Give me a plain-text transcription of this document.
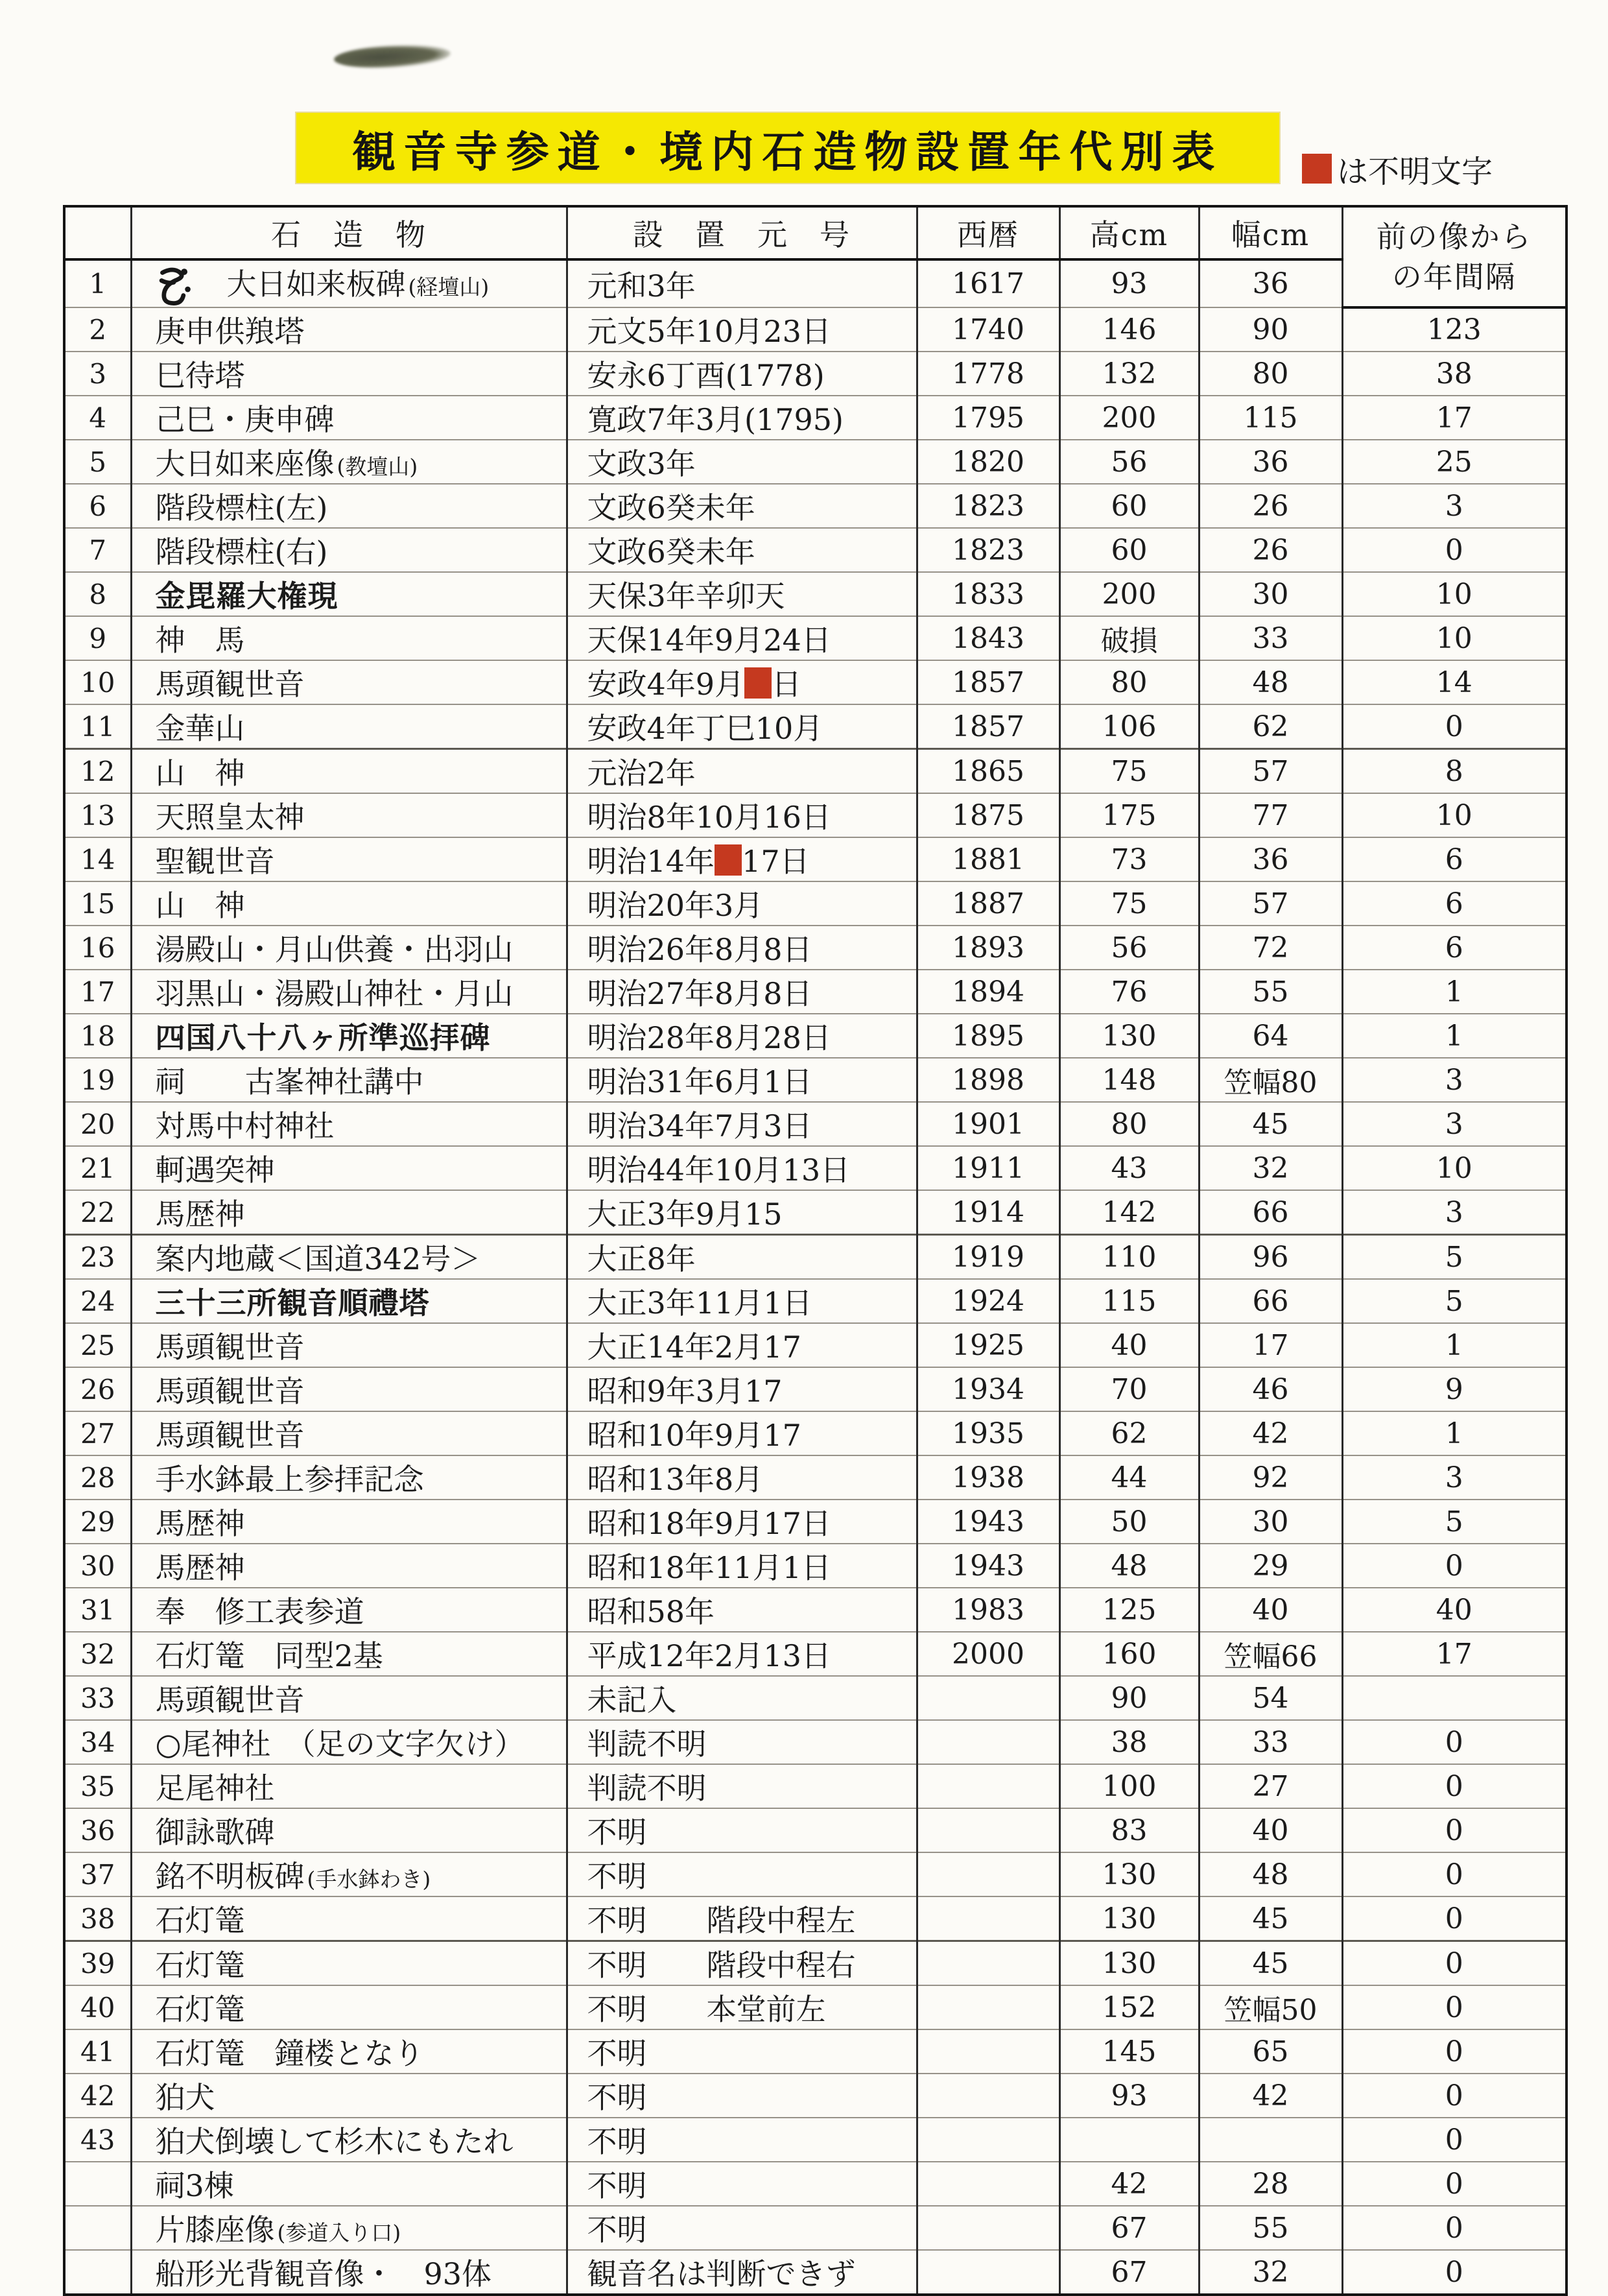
観音寺参道・境内石造物設置年代別表	は不明文字
	石　造　物	設　置　元　号	西暦	高cm	幅cm	前の像から
の年間隔

1	大日如来板碑 (経壇山)	元和3年	1617	93	36	
2	庚申供羪塔	元文5年10月23日	1740	146	90	123
3	巳待塔	安永6丁酉(1778)	1778	132	80	38
4	己巳・庚申碑	寛政7年3月(1795)	1795	200	115	17
5	大日如来座像 (教壇山)	文政3年	1820	56	36	25
6	階段標柱(左)	文政6癸未年	1823	60	26	3
7	階段標柱(右)	文政6癸未年	1823	60	26	0
8	金毘羅大権現	天保3年辛卯天	1833	200	30	10
9	神　馬	天保14年9月24日	1843	破損	33	10
10	馬頭観世音	安政4年9月 日	1857	80	48	14
11	金華山	安政4年丁巳10月	1857	106	62	0
12	山　神	元治2年	1865	75	57	8
13	天照皇太神	明治8年10月16日	1875	175	77	10
14	聖観世音	明治14年 17日	1881	73	36	6
15	山　神	明治20年3月	1887	75	57	6
16	湯殿山・月山供養・出羽山	明治26年8月8日	1893	56	72	6
17	羽黒山・湯殿山神社・月山	明治27年8月8日	1894	76	55	1
18	四国八十八ヶ所準巡拝碑	明治28年8月28日	1895	130	64	1
19	祠　　古峯神社講中	明治31年6月1日	1898	148	笠幅80	3
20	対馬中村神社	明治34年7月3日	1901	80	45	3
21	軻遇突神	明治44年10月13日	1911	43	32	10
22	馬歴神	大正3年9月15	1914	142	66	3
23	案内地蔵＜国道342号＞	大正8年	1919	110	96	5
24	三十三所観音順禮塔	大正3年11月1日	1924	115	66	5
25	馬頭観世音	大正14年2月17	1925	40	17	1
26	馬頭観世音	昭和9年3月17	1934	70	46	9
27	馬頭観世音	昭和10年9月17	1935	62	42	1
28	手水鉢最上参拝記念	昭和13年8月	1938	44	92	3
29	馬歴神	昭和18年9月17日	1943	50	30	5
30	馬歴神	昭和18年11月1日	1943	48	29	0
31	奉　修工表参道	昭和58年	1983	125	40	40
32	石灯篭　同型2基	平成12年2月13日	2000	160	笠幅66	17
33	馬頭観世音	未記入		90	54	
34	○尾神社　（足の文字欠け）	判読不明		38	33	0
35	足尾神社	判読不明		100	27	0
36	御詠歌碑	不明		83	40	0
37	銘不明板碑 (手水鉢わき)	不明		130	48	0
38	石灯篭	不明　　階段中程左		130	45	0
39	石灯篭	不明　　階段中程右		130	45	0
40	石灯篭	不明　　本堂前左		152	笠幅50	0
41	石灯篭　鐘楼となり	不明		145	65	0
42	狛犬	不明		93	42	0
43	狛犬倒壊して杉木にもたれ	不明				0
	祠3棟	不明		42	28	0
	片膝座像 (参道入り口)	不明		67	55	0
	船形光背観音像・　93体	観音名は判断できず		67	32	0
